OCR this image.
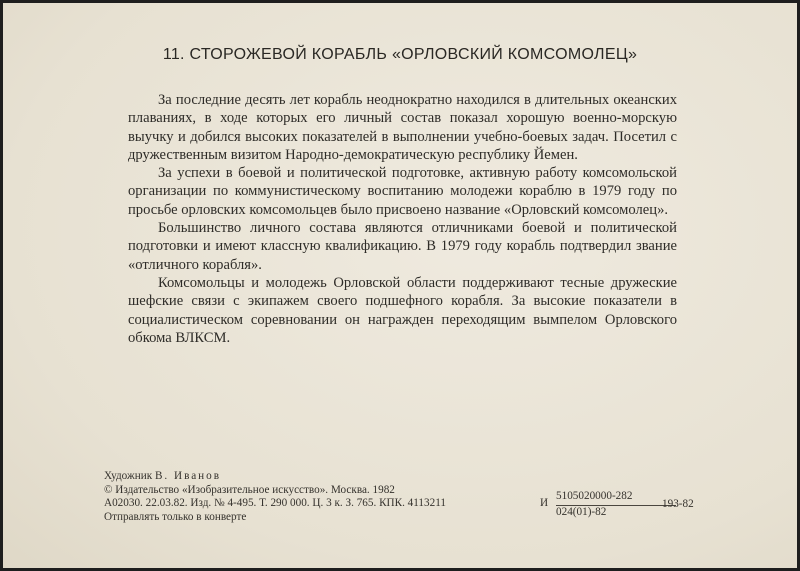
11. СТОРОЖЕВОЙ КОРАБЛЬ «ОРЛОВСКИЙ КОМСОМОЛЕЦ»

За последние десять лет корабль неоднократно находился в длительных океанских плаваниях, в ходе которых его личный состав показал хорошую военно-морскую выучку и добился высоких показателей в выполнении учебно-боевых задач. Посетил с дружественным визитом Народно-демократическую республику Йемен.

За успехи в боевой и политической подготовке, активную работу комсомольской организации по коммунистическому воспитанию молодежи кораблю в 1979 году по просьбе орловских комсомольцев было присвоено название «Орловский комсомолец».

Большинство личного состава являются отличниками боевой и политической подготовки и имеют классную квалификацию. В 1979 году корабль подтвердил звание «отличного корабля».

Комсомольцы и молодежь Орловской области поддерживают тесные дружеские шефские связи с экипажем своего подшефного корабля. За высокие показатели в социалистическом соревновании он награжден переходящим вымпелом Орловского обкома ВЛКСМ.

Художник В. Иванов
© Издательство «Изобразительное искусство». Москва. 1982
А02030. 22.03.82. Изд. № 4-495. Т. 290 000. Ц. 3 к. З. 765. КПК. 4113211
Отправлять только в конверте
И
5105020000-282
024(01)-82
193-82
